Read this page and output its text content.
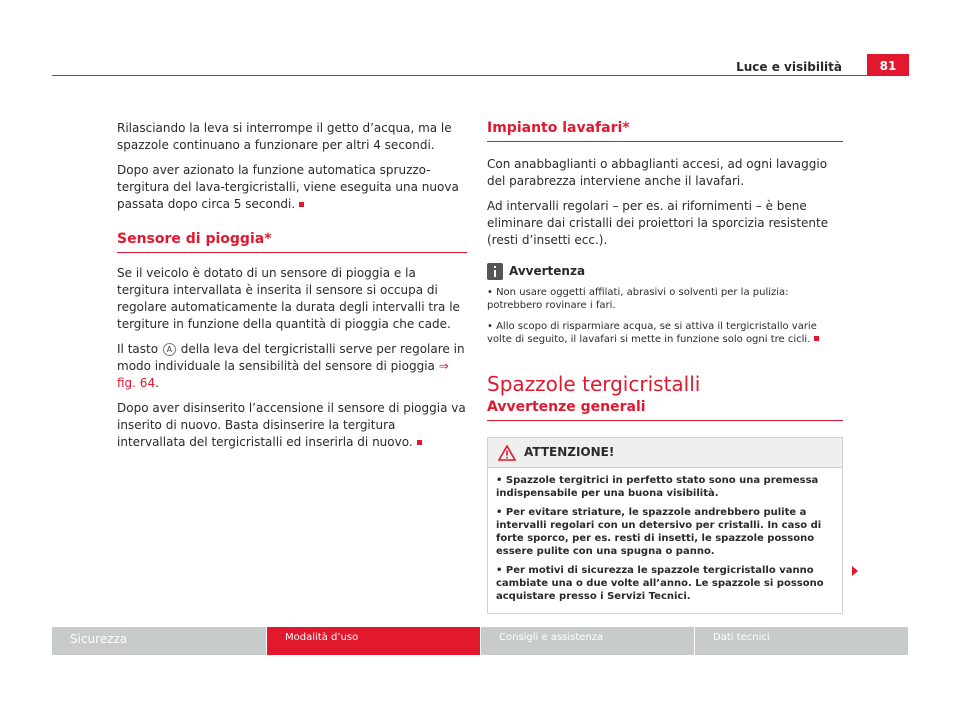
Luce e visibilità	81

Rilasciando la leva si interrompe il getto d’acqua, ma le spazzole continuano a funzionare per altri 4 secondi.

Dopo aver azionato la funzione automatica spruzzo-tergitura del lava-tergicristalli, viene eseguita una nuova passata dopo circa 5 secondi.

Sensore di pioggia*

Se il veicolo è dotato di un sensore di pioggia e la tergitura intervallata è inserita il sensore si occupa di regolare automaticamente la durata degli intervalli tra le tergiture in funzione della quantità di pioggia che cade.

Il tasto A della leva del tergicristalli serve per regolare in modo individuale la sensibilità del sensore di pioggia ⇒ fig. 64.

Dopo aver disinserito l’accensione il sensore di pioggia va inserito di nuovo. Basta disinserire la tergitura intervallata del tergicristalli ed inserirla di nuovo.

Impianto lavafari*

Con anabbaglianti o abbaglianti accesi, ad ogni lavaggio del parabrezza interviene anche il lavafari.

Ad intervalli regolari – per es. ai rifornimenti – è bene eliminare dai cristalli dei proiettori la sporcizia resistente (resti d’insetti ecc.).

Avvertenza

• Non usare oggetti affilati, abrasivi o solventi per la pulizia: potrebbero rovinare i fari.

• Allo scopo di risparmiare acqua, se si attiva il tergicristallo varie volte di seguito, il lavafari si mette in funzione solo ogni tre cicli.

Spazzole tergicristalli
Avvertenze generali
ATTENZIONE!

• Spazzole tergitrici in perfetto stato sono una premessa indispensabile per una buona visibilità.

• Per evitare striature, le spazzole andrebbero pulite a intervalli regolari con un detersivo per cristalli. In caso di forte sporco, per es. resti di insetti, le spazzole possono essere pulite con una spugna o panno.

• Per motivi di sicurezza le spazzole tergicristallo vanno cambiate una o due volte all’anno. Le spazzole si possono acquistare presso i Servizi Tecnici.

Sicurezza	Modalità d’uso	Consigli e assistenza	Dati tecnici
